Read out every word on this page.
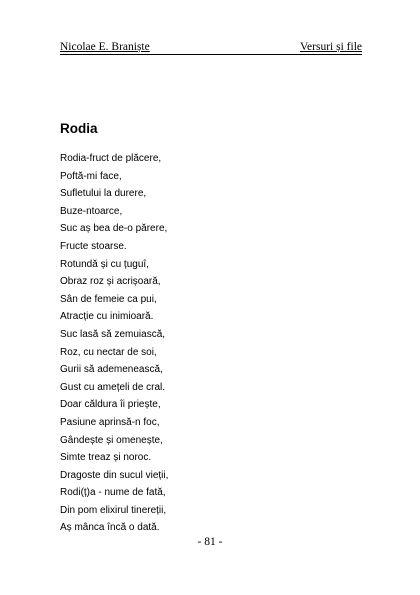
Nicolae E. Braniște	Versuri și file
Rodia
Rodia-fruct de plăcere,
Poftă-mi face,
Sufletului la durere,
Buze-ntoarce,
Suc aș bea de-o părere,
Fructe stoarse.
Rotundă și cu țuguî,
Obraz roz și acrișoară,
Sân de femeie ca pui,
Atracție cu inimioară.
Suc lasă să zemuiască,
Roz, cu nectar de soi,
Gurii să ademenească,
Gust cu amețeli de cral.
Doar căldura îi priește,
Pasiune aprinsă-n foc,
Gândește și omenește,
Simte treaz și noroc.
Dragoste din sucul vieții,
Rodi(ț)a - nume de fată,
Din pom elixirul tinereții,
Aș mânca încă o dată.
- 81 -
